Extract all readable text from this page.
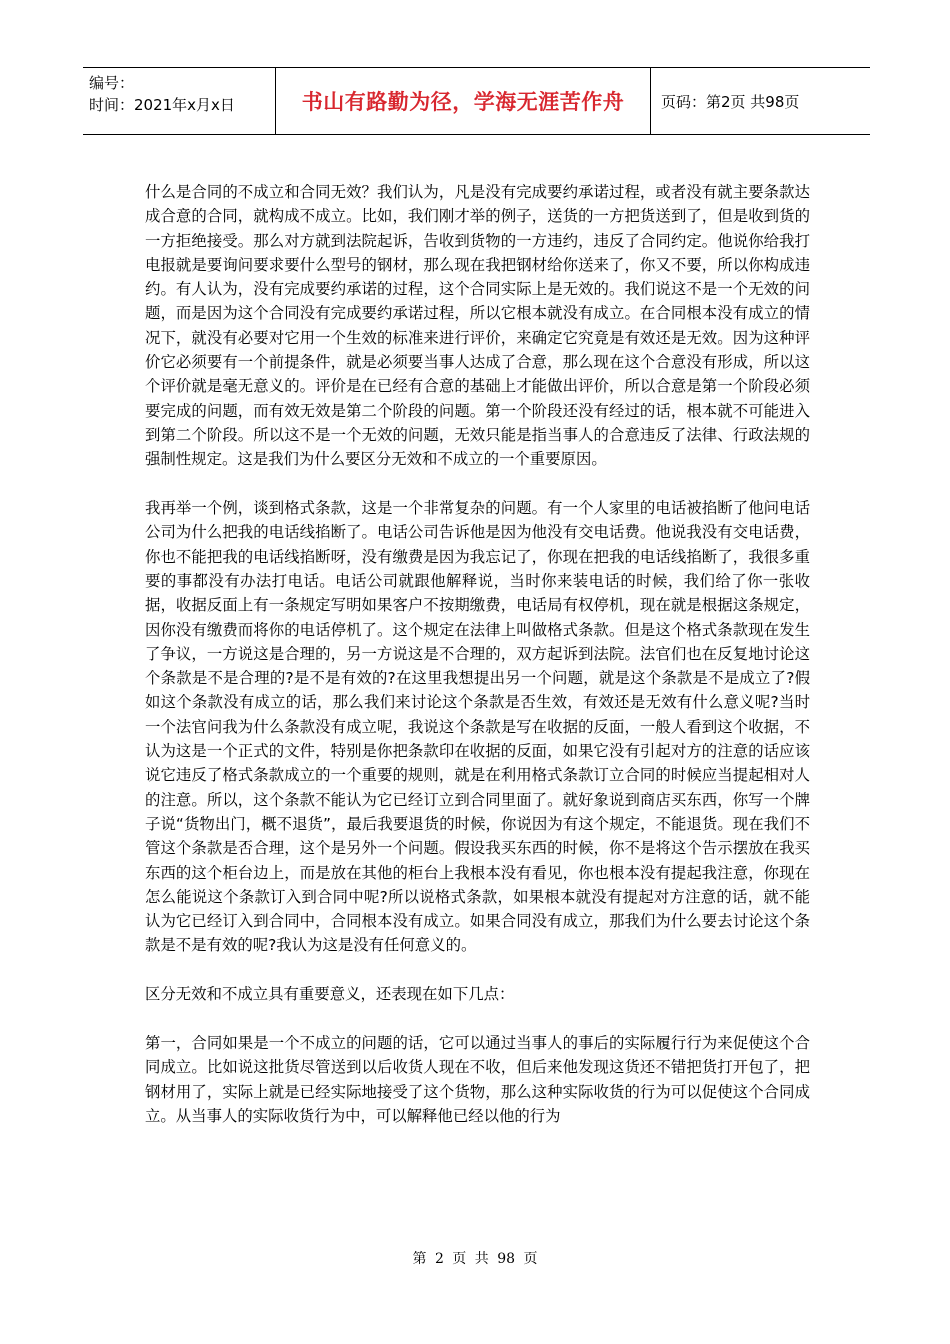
编号：
时间：2021年x月x日	书山有路勤为径，学海无涯苦作舟 页码：第2页 共98页

什么是合同的不成立和合同无效？我们认为，凡是没有完成要约承诺过程，或者没有就主要条款达成合意的合同，就构成不成立。比如，我们刚才举的例子，送货的一方把货送到了，但是收到货的一方拒绝接受。那么对方就到法院起诉，告收到货物的一方违约，违反了合同约定。他说你给我打电报就是要询问要求要什么型号的钢材，那么现在我把钢材给你送来了，你又不要，所以你构成违约。有人认为，没有完成要约承诺的过程，这个合同实际上是无效的。我们说这不是一个无效的问题，而是因为这个合同没有完成要约承诺过程，所以它根本就没有成立。在合同根本没有成立的情况下，就没有必要对它用一个生效的标准来进行评价，来确定它究竟是有效还是无效。因为这种评价它必须要有一个前提条件，就是必须要当事人达成了合意，那么现在这个合意没有形成，所以这个评价就是毫无意义的。评价是在已经有合意的基础上才能做出评价，所以合意是第一个阶段必须要完成的问题，而有效无效是第二个阶段的问题。第一个阶段还没有经过的话，根本就不可能进入到第二个阶段。所以这不是一个无效的问题，无效只能是指当事人的合意违反了法律、行政法规的强制性规定。这是我们为什么要区分无效和不成立的一个重要原因。

我再举一个例，谈到格式条款，这是一个非常复杂的问题。有一个人家里的电话被掐断了他问电话公司为什么把我的电话线掐断了。电话公司告诉他是因为他没有交电话费。他说我没有交电话费，你也不能把我的电话线掐断呀，没有缴费是因为我忘记了，你现在把我的电话线掐断了，我很多重要的事都没有办法打电话。电话公司就跟他解释说，当时你来装电话的时候，我们给了你一张收据，收据反面上有一条规定写明如果客户不按期缴费，电话局有权停机，现在就是根据这条规定，因你没有缴费而将你的电话停机了。这个规定在法律上叫做格式条款。但是这个格式条款现在发生了争议，一方说这是合理的，另一方说这是不合理的，双方起诉到法院。法官们也在反复地讨论这个条款是不是合理的?是不是有效的?在这里我想提出另一个问题，就是这个条款是不是成立了?假如这个条款没有成立的话，那么我们来讨论这个条款是否生效，有效还是无效有什么意义呢?当时一个法官问我为什么条款没有成立呢，我说这个条款是写在收据的反面，一般人看到这个收据，不认为这是一个正式的文件，特别是你把条款印在收据的反面，如果它没有引起对方的注意的话应该说它违反了格式条款成立的一个重要的规则，就是在利用格式条款订立合同的时候应当提起相对人的注意。所以，这个条款不能认为它已经订立到合同里面了。就好象说到商店买东西，你写一个牌子说“货物出门，概不退货”，最后我要退货的时候，你说因为有这个规定，不能退货。现在我们不管这个条款是否合理，这个是另外一个问题。假设我买东西的时候，你不是将这个告示摆放在我买东西的这个柜台边上，而是放在其他的柜台上我根本没有看见，你也根本没有提起我注意，你现在怎么能说这个条款订入到合同中呢?所以说格式条款，如果根本就没有提起对方注意的话，就不能认为它已经订入到合同中，合同根本没有成立。如果合同没有成立，那我们为什么要去讨论这个条款是不是有效的呢?我认为这是没有任何意义的。

区分无效和不成立具有重要意义，还表现在如下几点：

第一，合同如果是一个不成立的问题的话，它可以通过当事人的事后的实际履行行为来促使这个合同成立。比如说这批货尽管送到以后收货人现在不收，但后来他发现这货还不错把货打开包了，把钢材用了，实际上就是已经实际地接受了这个货物，那么这种实际收货的行为可以促使这个合同成立。从当事人的实际收货行为中，可以解释他已经以他的行为

第 2 页 共 98 页
